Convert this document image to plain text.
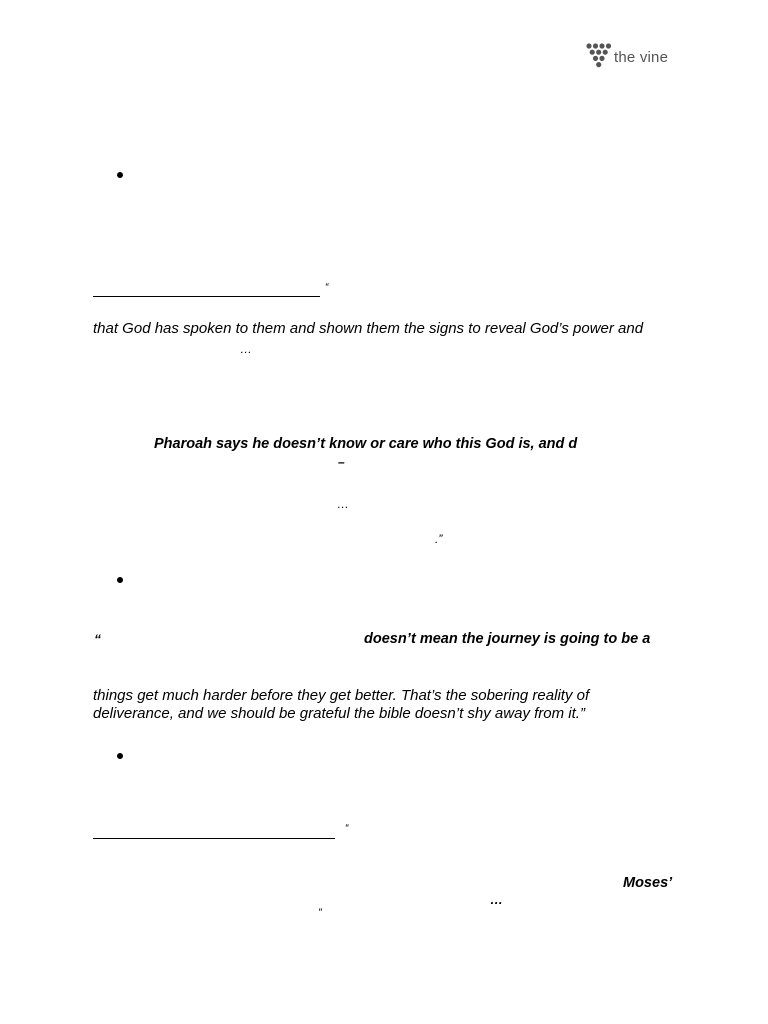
the vine
“
that God has spoken to them and shown them the signs to reveal God’s power and
…
Pharoah says he doesn’t know or care who this God is, and d
–
…
.”
“	doesn’t mean the journey is going to be a
things get much harder before they get better. That’s the sobering reality of
deliverance, and we should be grateful the bible doesn’t shy away from it.”
“
Moses’
…
”
